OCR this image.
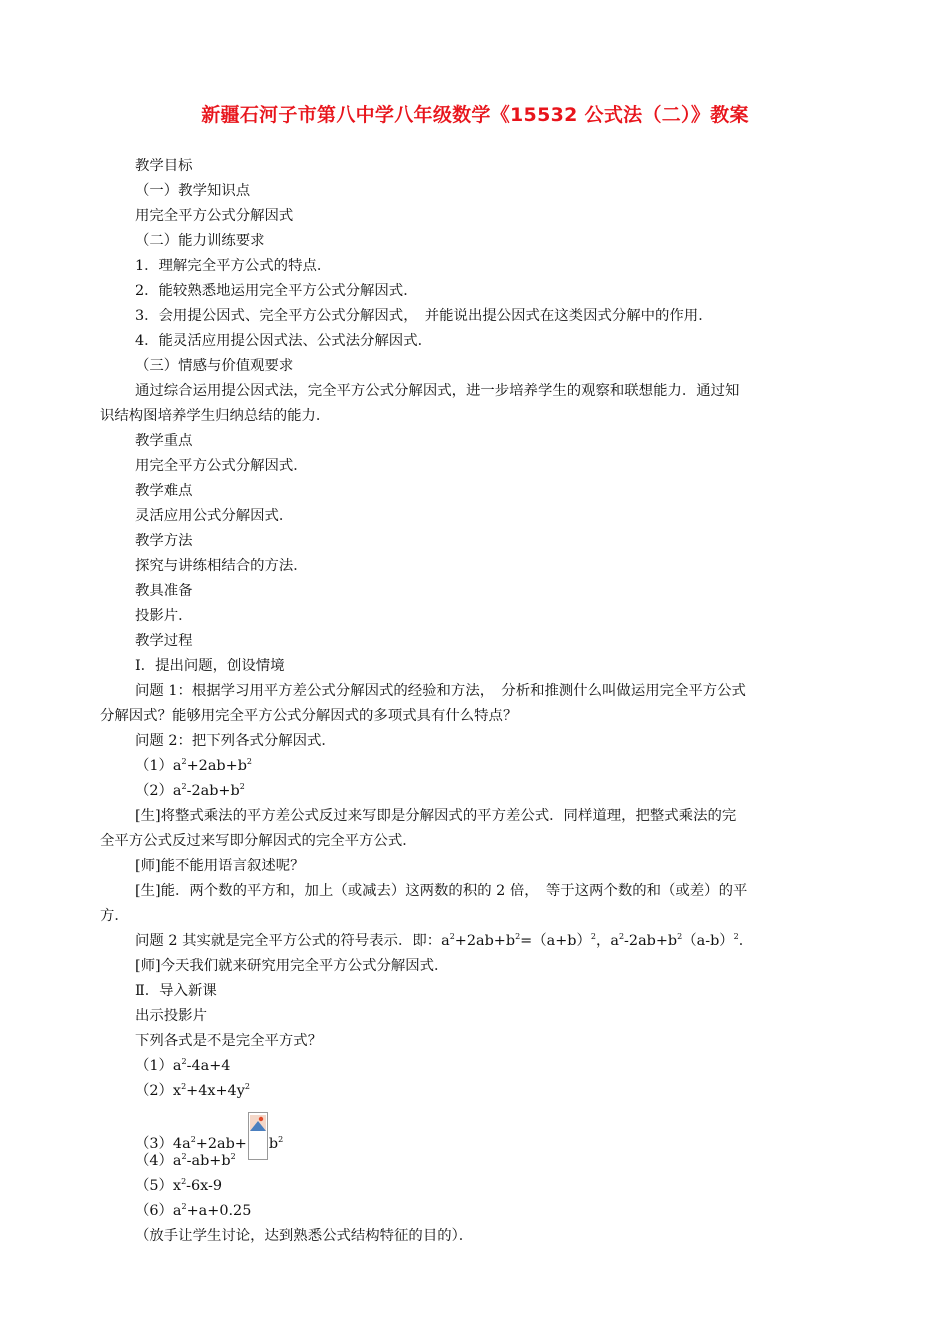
新疆石河子市第八中学八年级数学《15532 公式法（二）》教案
教学目标
（一）教学知识点
用完全平方公式分解因式
（二）能力训练要求
1．理解完全平方公式的特点．
2．能较熟悉地运用完全平方公式分解因式．
3．会用提公因式、完全平方公式分解因式，　并能说出提公因式在这类因式分解中的作用．
4．能灵活应用提公因式法、公式法分解因式．
（三）情感与价值观要求
通过综合运用提公因式法，完全平方公式分解因式，进一步培养学生的观察和联想能力．通过知
识结构图培养学生归纳总结的能力．
教学重点
用完全平方公式分解因式．
教学难点
灵活应用公式分解因式．
教学方法
探究与讲练相结合的方法．
教具准备
投影片．
教学过程
Ⅰ．提出问题，创设情境
问题 1：根据学习用平方差公式分解因式的经验和方法，　分析和推测什么叫做运用完全平方公式
分解因式？能够用完全平方公式分解因式的多项式具有什么特点？
问题 2：把下列各式分解因式．
$(1)a^2+2ab+b^2$
$(2)a^2-2ab+b^2$
[生]将整式乘法的平方差公式反过来写即是分解因式的平方差公式．同样道理，把整式乘法的完
全平方公式反过来写即分解因式的完全平方公式．
[师]能不能用语言叙述呢？
[生]能．两个数的平方和，加上（或减去）这两数的积的 2 倍，　等于这两个数的和（或差）的平
方．
问题 2 其实就是完全平方公式的符号表示．即：$a^2+2ab+b^2=(a+b)^2$，$a^2-2ab+b^2(a-b)^2$．
[师]今天我们就来研究用完全平方公式分解因式．
Ⅱ．导入新课
出示投影片
下列各式是不是完全平方式？
$(1)a^2-4a+4$
$(2)x^2+4x+4y^2$
$(3)4a^2+2ab+ b^2$
$(4)a^2-ab+b^2$
$(5)x^2-6x-9$
$(6)a^2+a+0.25$
（放手让学生讨论，达到熟悉公式结构特征的目的）．
